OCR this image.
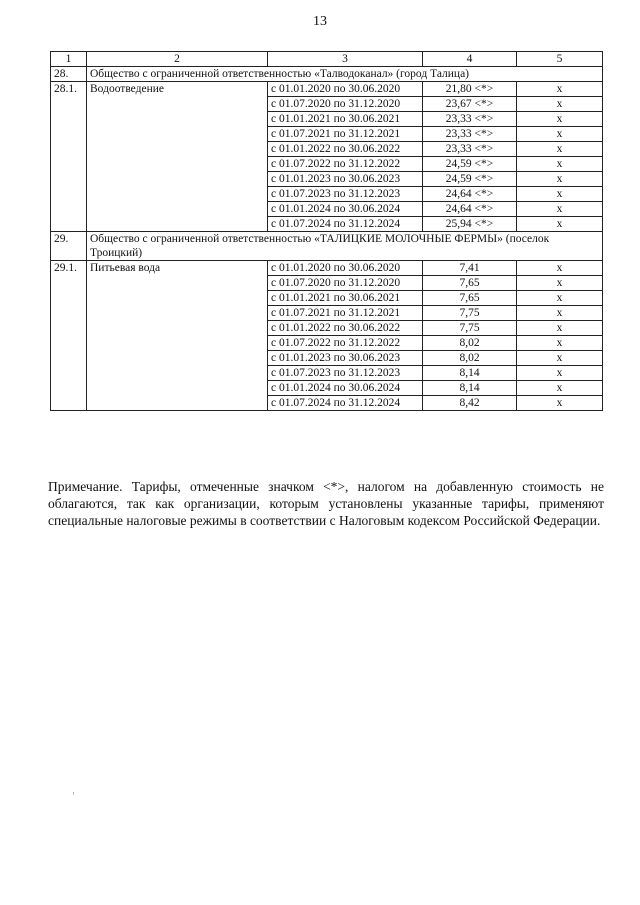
13
1	2	3	4	5
28.	Общество с ограниченной ответственностью «Талводоканал» (город Талица)			
28.1.	Водоотведение	с 01.01.2020 по 30.06.2020	21,80 <*>	x
		с 01.07.2020 по 31.12.2020	23,67 <*>	x
		с 01.01.2021 по 30.06.2021	23,33 <*>	x
		с 01.07.2021 по 31.12.2021	23,33 <*>	x
		с 01.01.2022 по 30.06.2022	23,33 <*>	x
		с 01.07.2022 по 31.12.2022	24,59 <*>	x
		с 01.01.2023 по 30.06.2023	24,59 <*>	x
		с 01.07.2023 по 31.12.2023	24,64 <*>	x
		с 01.01.2024 по 30.06.2024	24,64 <*>	x
		с 01.07.2024 по 31.12.2024	25,94 <*>	x
29.	Общество с ограниченной ответственностью «ТАЛИЦКИЕ МОЛОЧНЫЕ ФЕРМЫ» (поселок Троицкий)			
29.1.	Питьевая вода	с 01.01.2020 по 30.06.2020	7,41	x
		с 01.07.2020 по 31.12.2020	7,65	x
		с 01.01.2021 по 30.06.2021	7,65	x
		с 01.07.2021 по 31.12.2021	7,75	x
		с 01.01.2022 по 30.06.2022	7,75	x
		с 01.07.2022 по 31.12.2022	8,02	x
		с 01.01.2023 по 30.06.2023	8,02	x
		с 01.07.2023 по 31.12.2023	8,14	x
		с 01.01.2024 по 30.06.2024	8,14	x
		с 01.07.2024 по 31.12.2024	8,42	x
Примечание. Тарифы, отмеченные значком <*>, налогом на добавленную стоимость не облагаются, так как организации, которым установлены указанные тарифы, применяют специальные налоговые режимы в соответствии с Налоговым кодексом Российской Федерации.
